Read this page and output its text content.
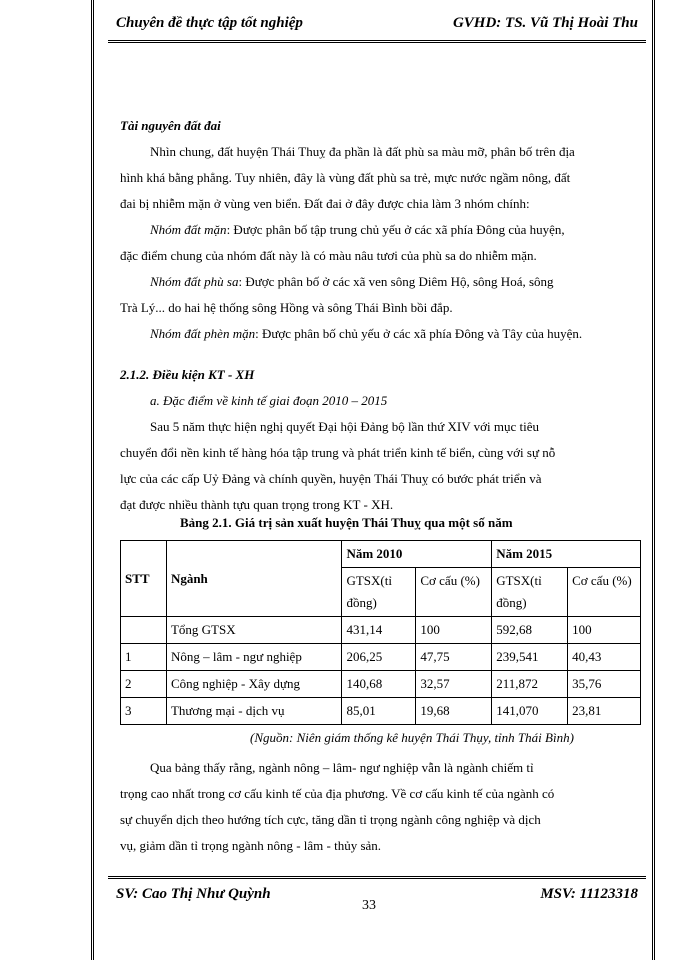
Chuyên đề thực tập tốt nghiệp	GVHD: TS. Vũ Thị Hoài Thu
Tài nguyên đất đai
Nhìn chung, đất huyện Thái Thuỵ đa phần là đất phù sa màu mỡ, phân bố trên địa
hình khá bằng phẳng. Tuy nhiên, đây là vùng đất phù sa trẻ, mực nước ngầm nông, đất
đai bị nhiễm mặn ở vùng ven biển. Đất đai ở đây được chia làm 3 nhóm chính:
Nhóm đất mặn: Được phân bố tập trung chủ yếu ở các xã phía Đông của huyện,
đặc điểm chung của nhóm đất này là có màu nâu tươi của phù sa do nhiễm mặn.
Nhóm đất phù sa: Được phân bố ở các xã ven sông Diêm Hộ, sông Hoá, sông
Trà Lý... do hai hệ thống sông Hồng và sông Thái Bình bồi đắp.
Nhóm đất phèn mặn: Được phân bố chủ yếu ở các xã phía Đông và Tây của huyện.
2.1.2. Điều kiện KT - XH
a. Đặc điểm về kinh tế giai đoạn 2010 – 2015
Sau 5 năm thực hiện nghị quyết Đại hội Đảng bộ lần thứ XIV với mục tiêu
chuyển đổi nền kinh tế hàng hóa tập trung và phát triển kinh tế biển, cùng với sự nỗ
lực của các cấp Uỷ Đảng và chính quyền, huyện Thái Thuỵ có bước phát triển và
đạt được nhiều thành tựu quan trọng trong KT - XH.
Bảng 2.1. Giá trị sản xuất huyện Thái Thuỵ qua một số năm
STT	Ngành	Năm 2010		Năm 2015	
		GTSX(tỉ đồng)	Cơ cấu (%)	GTSX(tỉ đồng)	Cơ cấu (%)
	Tổng GTSX	431,14	100	592,68	100
1	Nông – lâm - ngư nghiệp	206,25	47,75	239,541	40,43
2	Công nghiệp - Xây dựng	140,68	32,57	211,872	35,76
3	Thương mại - dịch vụ	85,01	19,68	141,070	23,81
(Nguồn: Niên giám thống kê huyện Thái Thụy, tỉnh Thái Bình)
Qua bảng thấy rằng, ngành nông – lâm- ngư nghiệp vẫn là ngành chiếm tỉ
trọng cao nhất trong cơ cấu kinh tế của địa phương. Về cơ cấu kinh tế của ngành có
sự chuyển dịch theo hướng tích cực, tăng dần tỉ trọng ngành công nghiệp và dịch
vụ, giảm dần tỉ trọng ngành nông - lâm - thủy sản.
SV: Cao Thị Như Quỳnh	MSV: 11123318
33
